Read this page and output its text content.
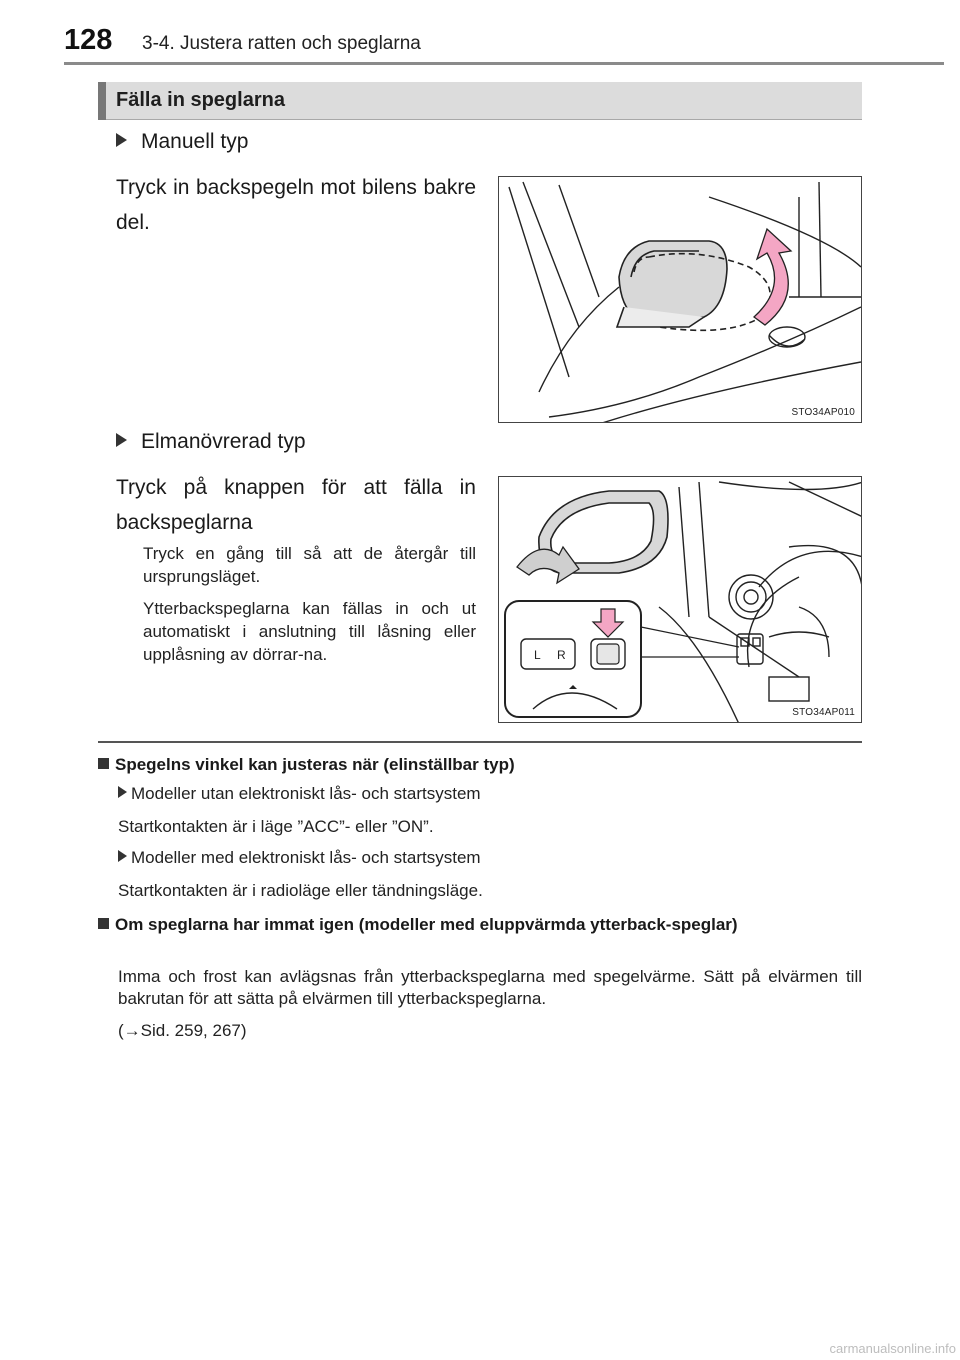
128 3-4. Justera ratten och speglarna
Fälla in speglarna
Manuell typ
Tryck in backspegeln mot bilens bakre del.
STO34AP010
Elmanövrerad typ
Tryck på knappen för att fälla in backspeglarna
Tryck en gång till så att de återgår till ursprungsläget.
Ytterbackspeglarna kan fällas in och ut automatiskt i anslutning till låsning eller upplåsning av dörrar-na.	L R
STO34AP011
Spegelns vinkel kan justeras när (elinställbar typ)
Modeller utan elektroniskt lås- och startsystem
Startkontakten är i läge ”ACC”- eller ”ON”.
Modeller med elektroniskt lås- och startsystem
Startkontakten är i radioläge eller tändningsläge.
Om speglarna har immat igen (modeller med eluppvärmda ytterback-speglar)
Imma och frost kan avlägsnas från ytterbackspeglarna med spegelvärme. Sätt på elvärmen till bakrutan för att sätta på elvärmen till ytterbackspeglarna.
(→Sid. 259, 267)
carmanualsonline.info
